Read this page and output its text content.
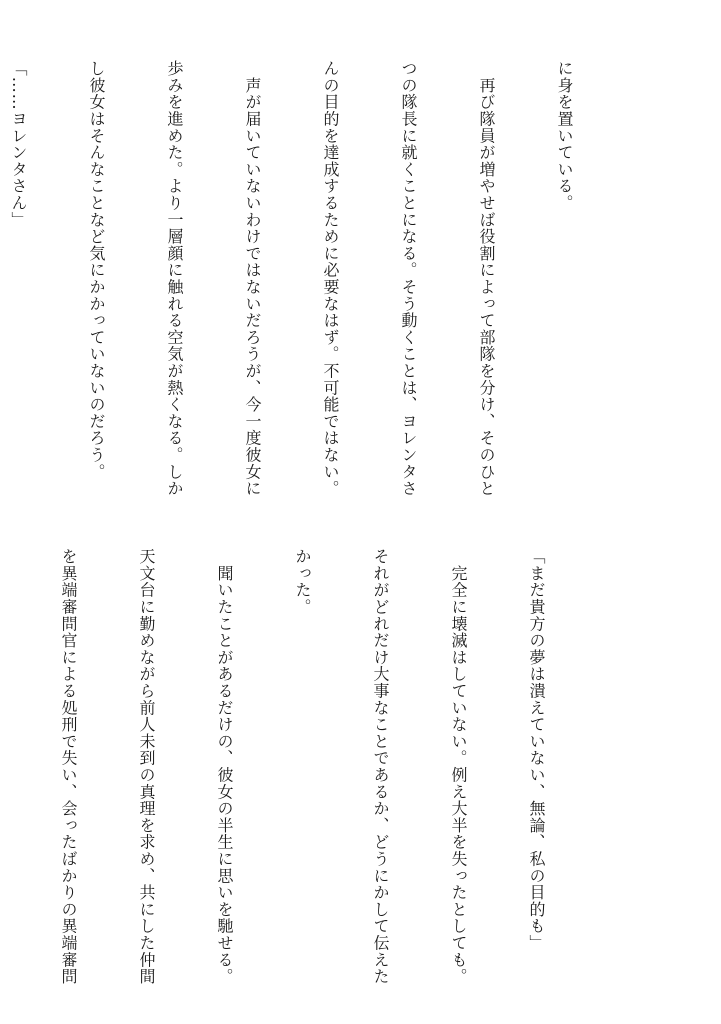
に身を置いている。

　再び隊員が増やせば役割によって部隊を分け、そのひと

つの隊長に就くことになる。そう動くことは、ヨレンタさ

んの目的を達成するために必要なはず。不可能ではない。

　声が届いていないわけではないだろうが、今一度彼女に

歩みを進めた。より一層顔に触れる空気が熱くなる。しか

し彼女はそんなことなど気にかかっていないのだろう。

「……ヨレンタさん」

「まだ貴方の夢は潰えていない、無論、私の目的も」

　完全に壊滅はしていない。例え大半を失ったとしても。

それがどれだけ大事なことであるか、どうにかして伝えた

かった。

　聞いたことがあるだけの、彼女の半生に思いを馳せる。

天文台に勤めながら前人未到の真理を求め、共にした仲間

を異端審問官による処刑で失い、会ったばかりの異端審問
